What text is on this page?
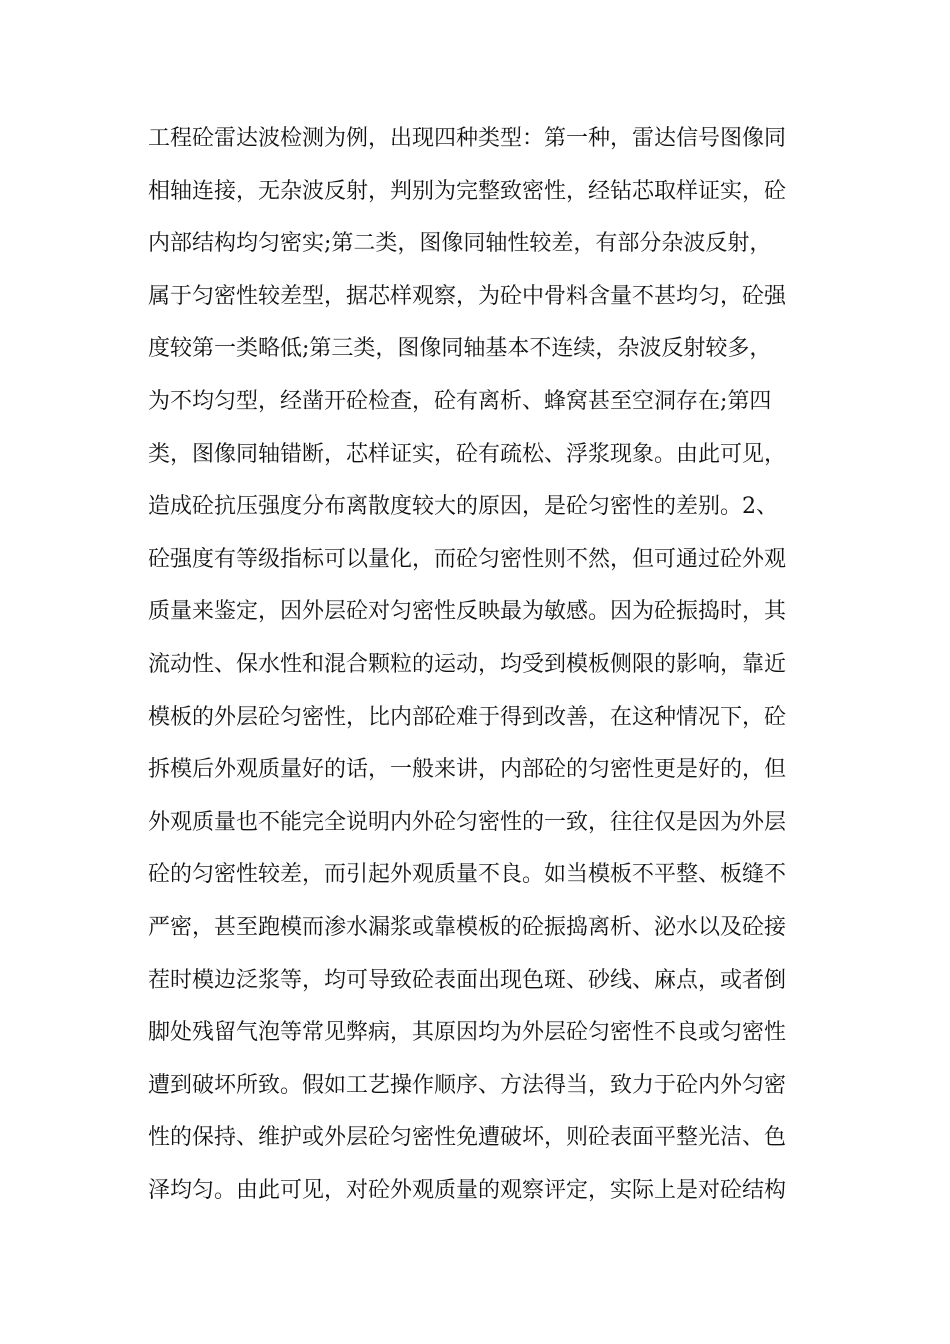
工程砼雷达波检测为例，出现四种类型：第一种，雷达信号图像同
相轴连接，无杂波反射，判别为完整致密性，经钻芯取样证实，砼
内部结构均匀密实;第二类，图像同轴性较差，有部分杂波反射，
属于匀密性较差型，据芯样观察，为砼中骨料含量不甚均匀，砼强
度较第一类略低;第三类，图像同轴基本不连续，杂波反射较多，
为不均匀型，经凿开砼检查，砼有离析、蜂窝甚至空洞存在;第四
类，图像同轴错断，芯样证实，砼有疏松、浮浆现象。由此可见，
造成砼抗压强度分布离散度较大的原因，是砼匀密性的差别。2、
砼强度有等级指标可以量化，而砼匀密性则不然，但可通过砼外观
质量来鉴定，因外层砼对匀密性反映最为敏感。因为砼振捣时，其
流动性、保水性和混合颗粒的运动，均受到模板侧限的影响，靠近
模板的外层砼匀密性，比内部砼难于得到改善，在这种情况下，砼
拆模后外观质量好的话，一般来讲，内部砼的匀密性更是好的，但
外观质量也不能完全说明内外砼匀密性的一致，往往仅是因为外层
砼的匀密性较差，而引起外观质量不良。如当模板不平整、板缝不
严密，甚至跑模而渗水漏浆或靠模板的砼振捣离析、泌水以及砼接
茬时模边泛浆等，均可导致砼表面出现色斑、砂线、麻点，或者倒
脚处残留气泡等常见弊病，其原因均为外层砼匀密性不良或匀密性
遭到破坏所致。假如工艺操作顺序、方法得当，致力于砼内外匀密
性的保持、维护或外层砼匀密性免遭破坏，则砼表面平整光洁、色
泽均匀。由此可见，对砼外观质量的观察评定，实际上是对砼结构
